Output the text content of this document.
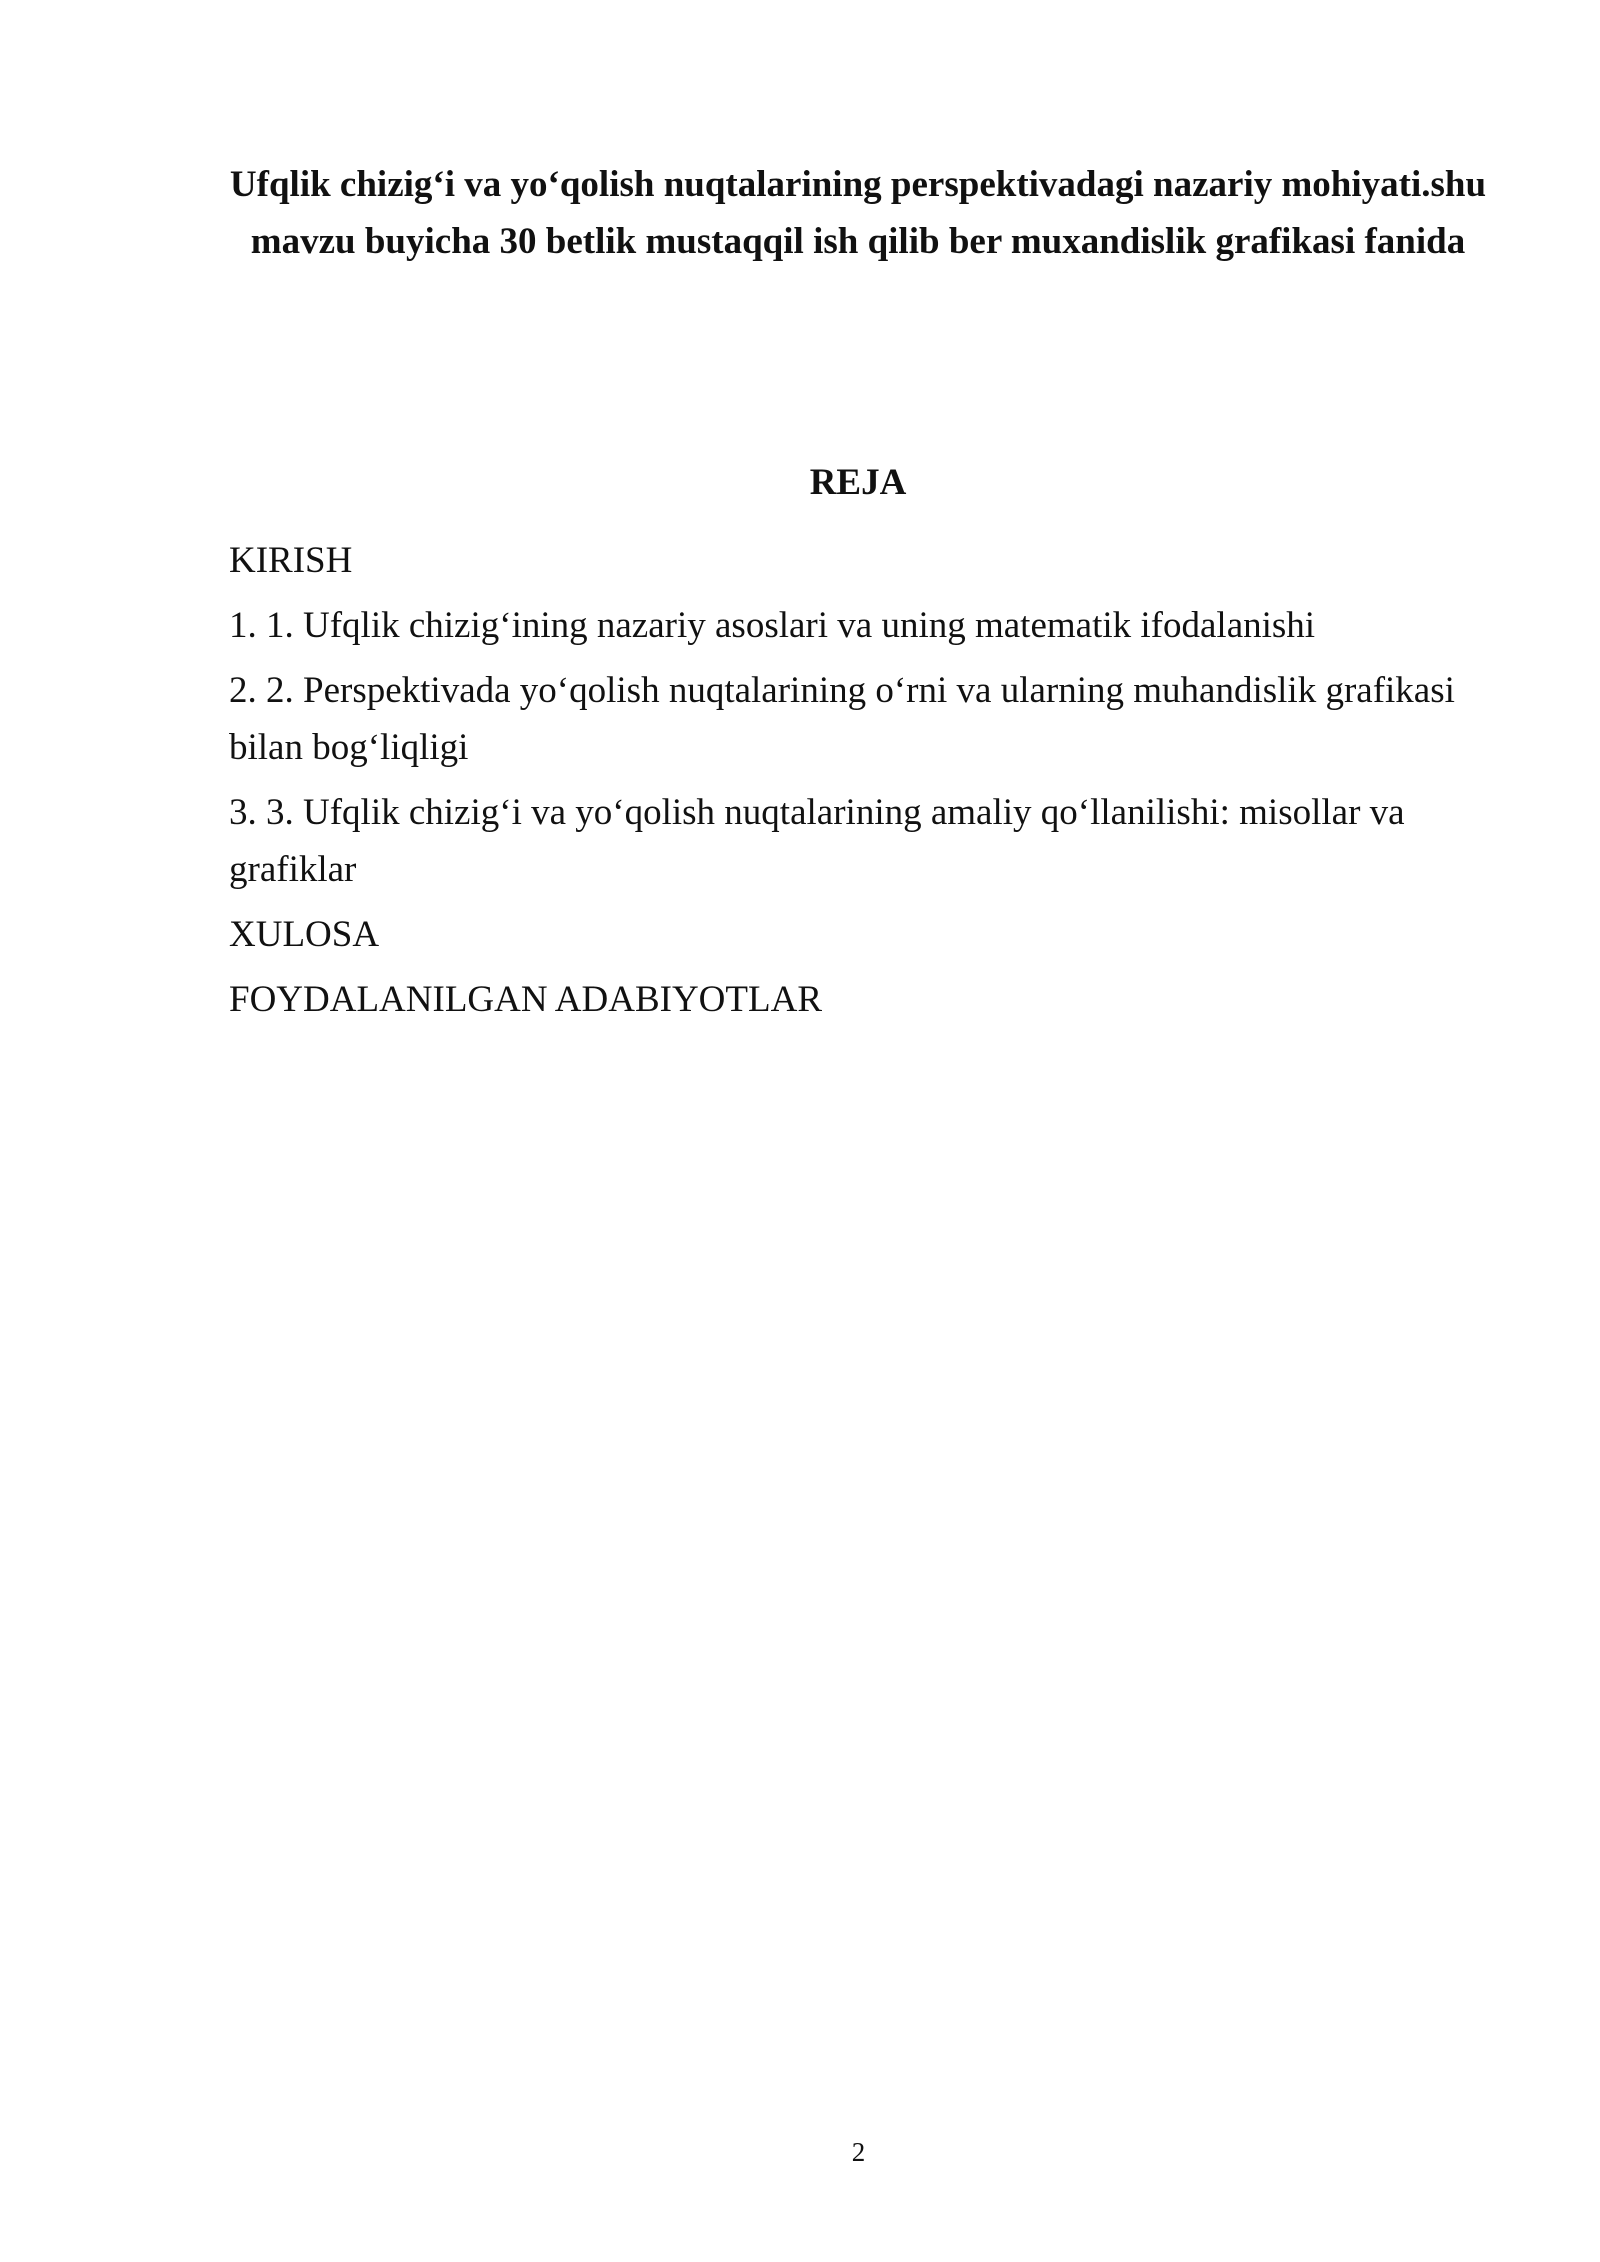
Ufqlik chizig‘i va yo‘qolish nuqtalarining perspektivadagi nazariy mohiyati.shu mavzu buyicha 30 betlik mustaqqil ish qilib ber muxandislik grafikasi fanida
REJA
KIRISH
1. 1. Ufqlik chizig‘ining nazariy asoslari va uning matematik ifodalanishi
2. 2. Perspektivada yo‘qolish nuqtalarining o‘rni va ularning muhandislik grafikasi bilan bog‘liqligi
3. 3. Ufqlik chizig‘i va yo‘qolish nuqtalarining amaliy qo‘llanilishi: misollar va grafiklar
XULOSA
FOYDALANILGAN ADABIYOTLAR

2
